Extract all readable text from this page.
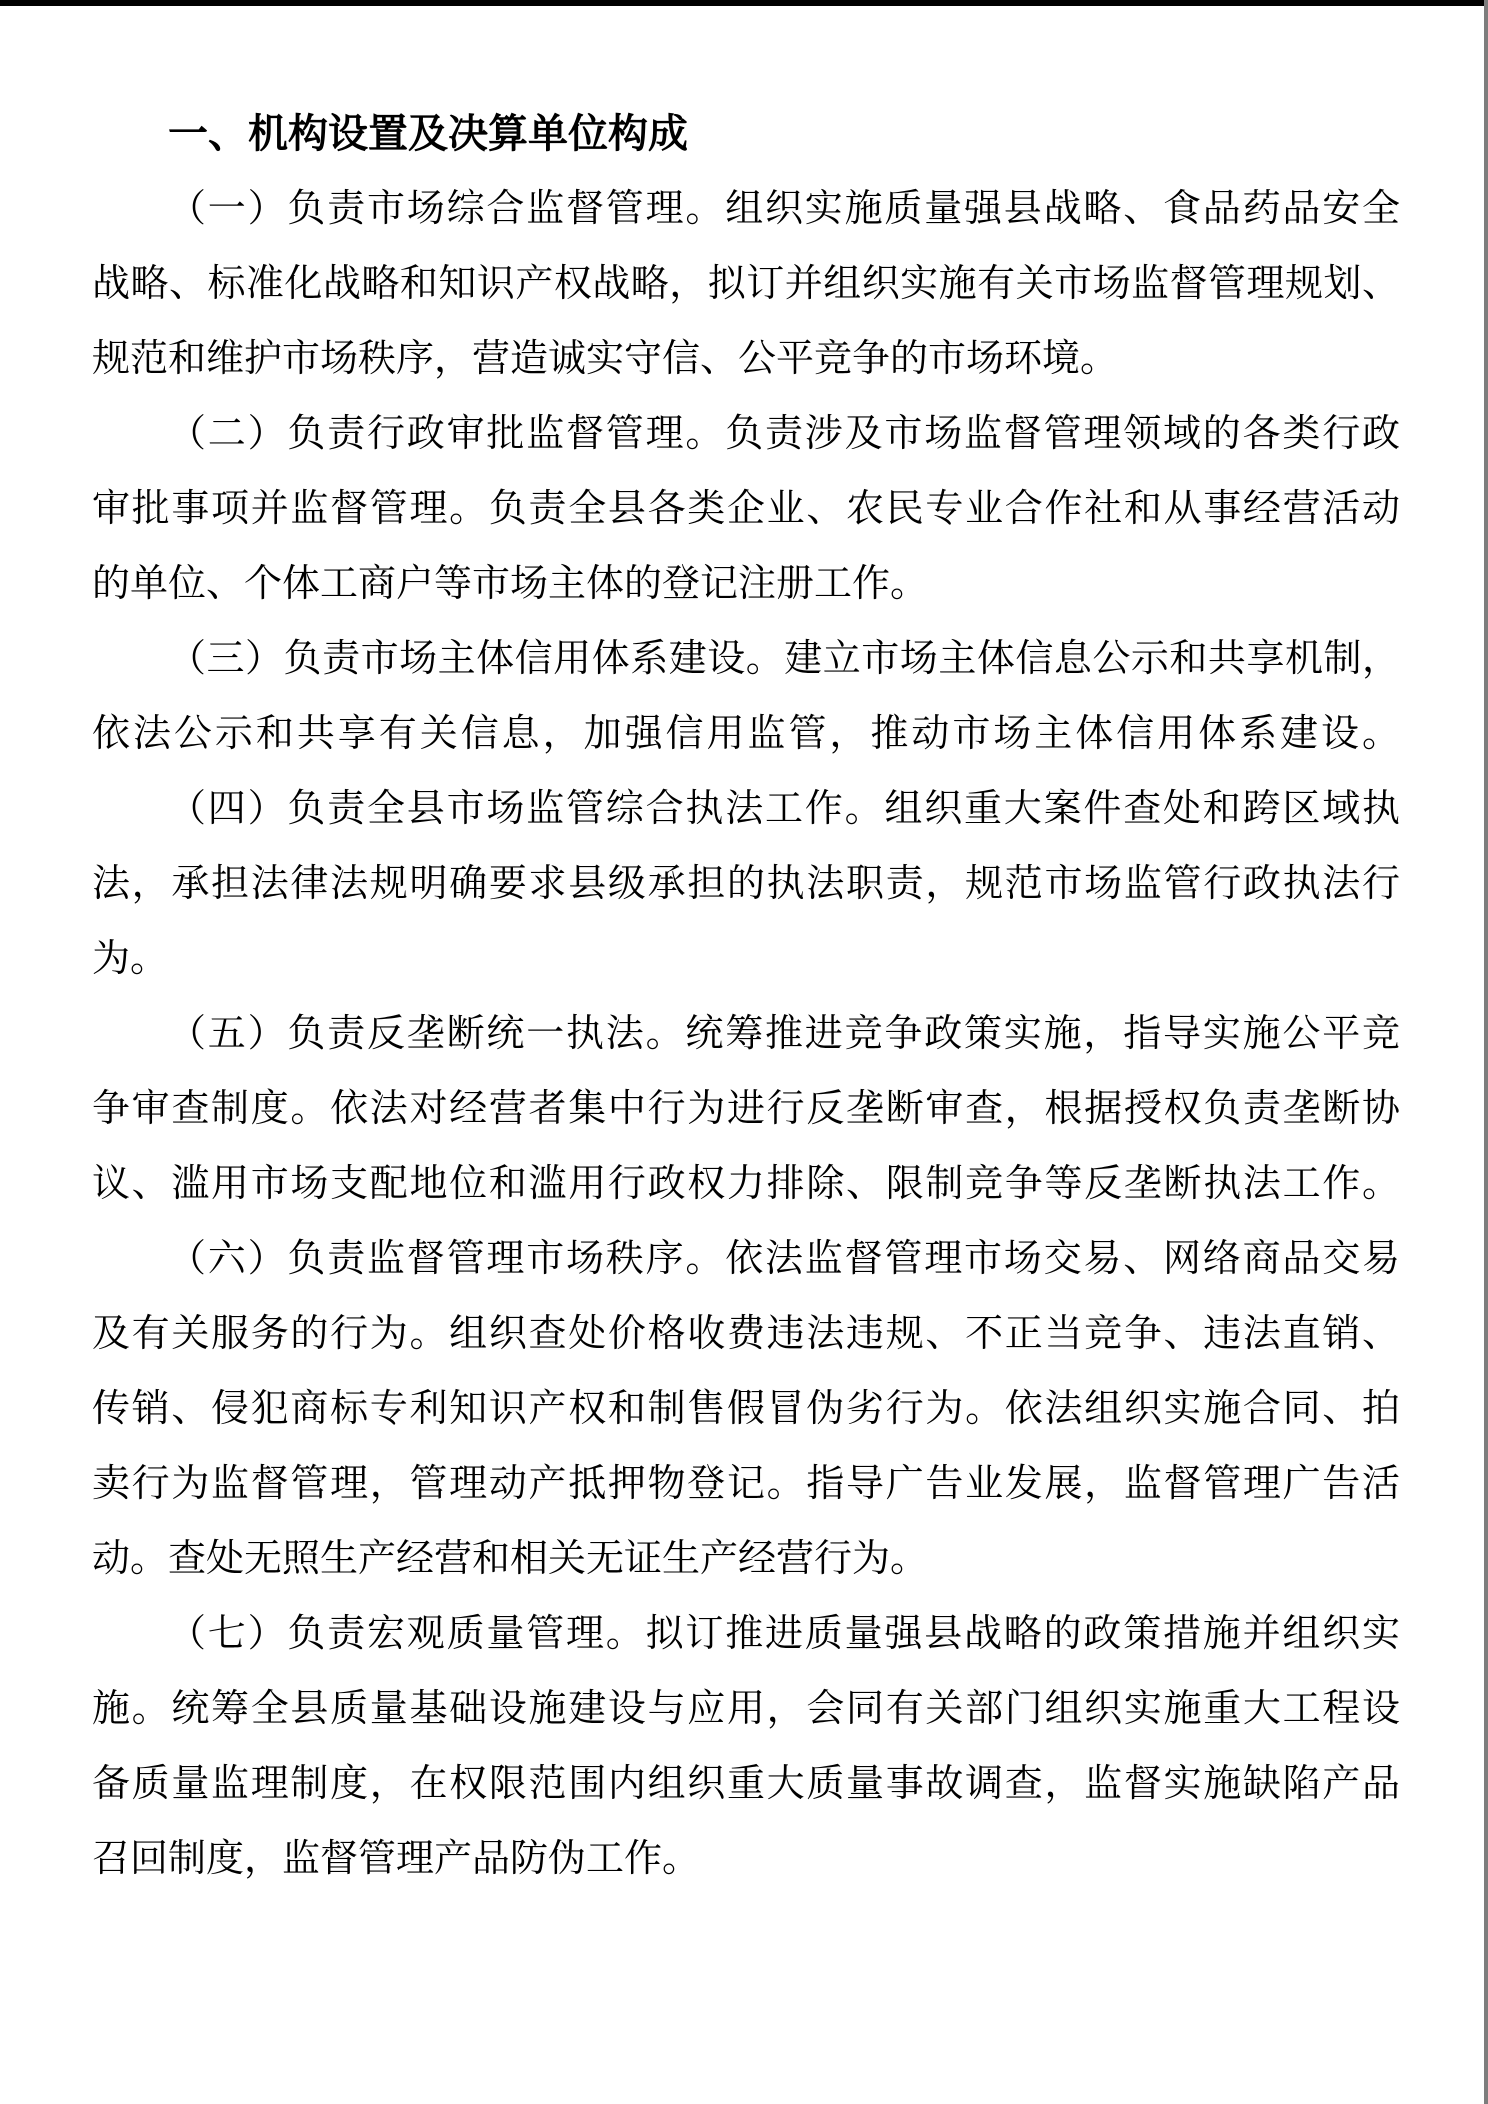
一、机构设置及决算单位构成
（一）负责市场综合监督管理。组织实施质量强县战略、食品药品安全
战略、标准化战略和知识产权战略，拟订并组织实施有关市场监督管理规划、
规范和维护市场秩序，营造诚实守信、公平竞争的市场环境。
（二）负责行政审批监督管理。负责涉及市场监督管理领域的各类行政
审批事项并监督管理。负责全县各类企业、农民专业合作社和从事经营活动
的单位、个体工商户等市场主体的登记注册工作。
（三）负责市场主体信用体系建设。建立市场主体信息公示和共享机制，
依法公示和共享有关信息，加强信用监管，推动市场主体信用体系建设。
（四）负责全县市场监管综合执法工作。组织重大案件查处和跨区域执
法，承担法律法规明确要求县级承担的执法职责，规范市场监管行政执法行
为。
（五）负责反垄断统一执法。统筹推进竞争政策实施，指导实施公平竞
争审查制度。依法对经营者集中行为进行反垄断审查，根据授权负责垄断协
议、滥用市场支配地位和滥用行政权力排除、限制竞争等反垄断执法工作。
（六）负责监督管理市场秩序。依法监督管理市场交易、网络商品交易
及有关服务的行为。组织查处价格收费违法违规、不正当竞争、违法直销、
传销、侵犯商标专利知识产权和制售假冒伪劣行为。依法组织实施合同、拍
卖行为监督管理，管理动产抵押物登记。指导广告业发展，监督管理广告活
动。查处无照生产经营和相关无证生产经营行为。
（七）负责宏观质量管理。拟订推进质量强县战略的政策措施并组织实
施。统筹全县质量基础设施建设与应用，会同有关部门组织实施重大工程设
备质量监理制度，在权限范围内组织重大质量事故调查，监督实施缺陷产品
召回制度，监督管理产品防伪工作。
